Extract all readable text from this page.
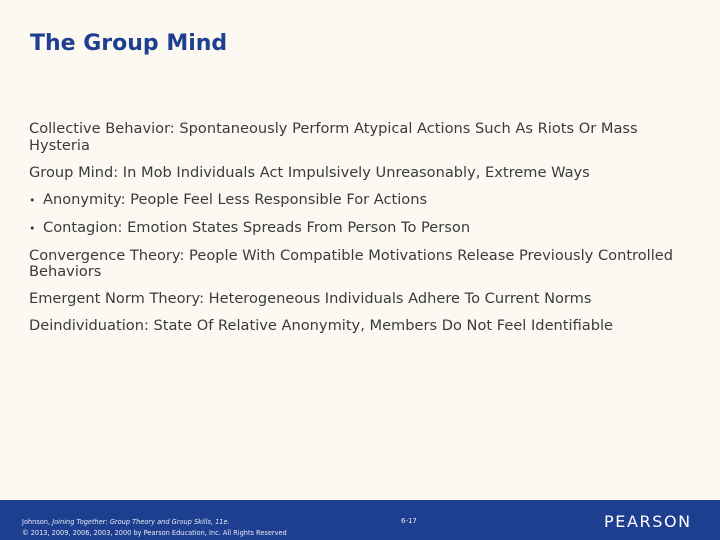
The Group Mind

Collective Behavior: Spontaneously Perform Atypical Actions Such As Riots Or Mass Hysteria

Group Mind: In Mob Individuals Act Impulsively Unreasonably, Extreme Ways

• Anonymity: People Feel Less Responsible For Actions
• Contagion: Emotion States Spreads From Person To Person

Convergence Theory: People With Compatible Motivations Release Previously Controlled Behaviors

Emergent Norm Theory: Heterogeneous Individuals Adhere To Current Norms

Deindividuation: State Of Relative Anonymity, Members Do Not Feel Identifiable

Johnson, Joining Together: Group Theory and Group Skills, 11e.
© 2013, 2009, 2006, 2003, 2000 by Pearson Education, Inc. All Rights Reserved
6-17	PEARSON
